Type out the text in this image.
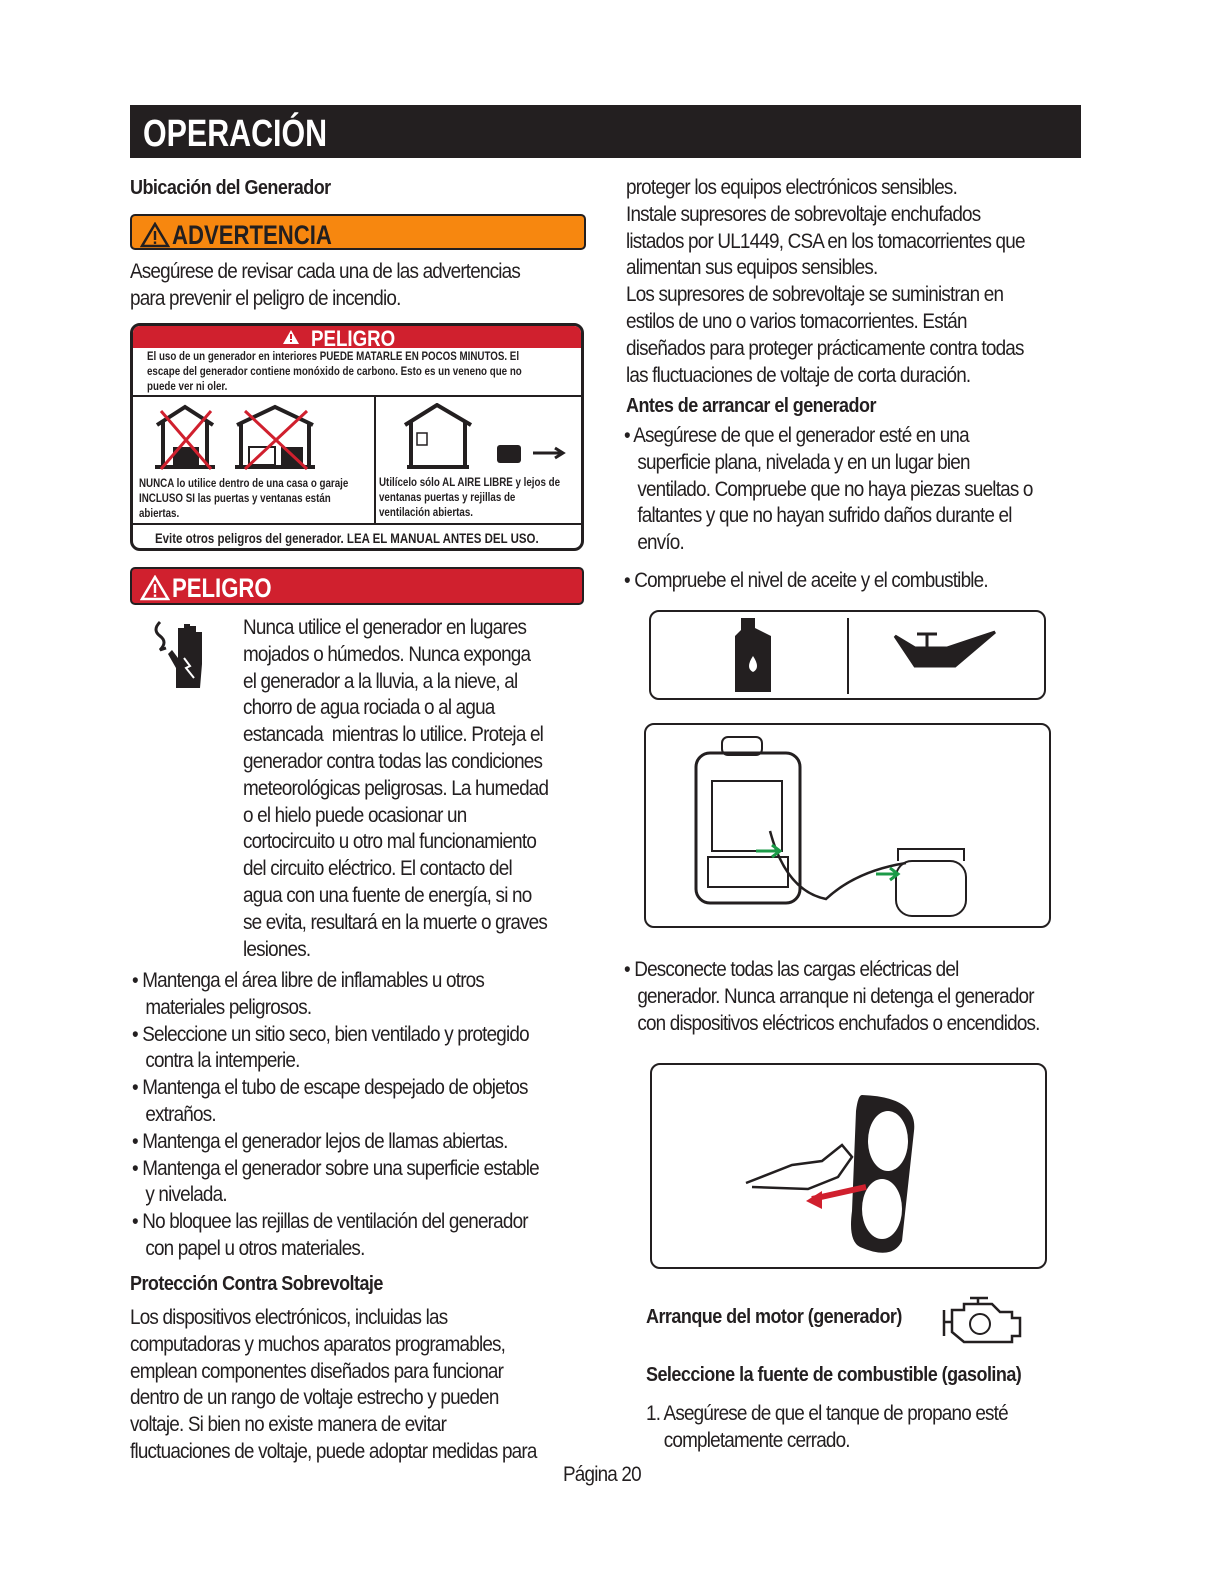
OPERACIÓN
Ubicación del Generador
ADVERTENCIA
Asegúrese de revisar cada una de las advertencias
para prevenir el peligro de incendio.
PELIGRO
El uso de un generador en interiores PUEDE MATARLE EN POCOS MINUTOS. El
escape del generador contiene monóxido de carbono. Esto es un veneno que no
puede ver ni oler.
NUNCA lo utilice dentro de una casa o garaje
INCLUSO SI las puertas y ventanas están
abiertas.
Utilícelo sólo AL AIRE LIBRE y lejos de
ventanas puertas y rejillas de
ventilación abiertas.
Evite otros peligros del generador. LEA EL MANUAL ANTES DEL USO.
PELIGRO
Nunca utilice el generador en lugares
mojados o húmedos. Nunca exponga
el generador a la lluvia, a la nieve, al
chorro de agua rociada o al agua
estancada  mientras lo utilice. Proteja el
generador contra todas las condiciones
meteorológicas peligrosas. La humedad
o el hielo puede ocasionar un
cortocircuito u otro mal funcionamiento
del circuito eléctrico. El contacto del
agua con una fuente de energía, si no
se evita, resultará en la muerte o graves
lesiones.
• Mantenga el área libre de inflamables u otros
materiales peligrosos.
• Seleccione un sitio seco, bien ventilado y protegido
contra la intemperie.
• Mantenga el tubo de escape despejado de objetos
extraños.
• Mantenga el generador lejos de llamas abiertas.
• Mantenga el generador sobre una superficie estable
y nivelada.
• No bloquee las rejillas de ventilación del generador
con papel u otros materiales.
Protección Contra Sobrevoltaje
Los dispositivos electrónicos, incluidas las
computadoras y muchos aparatos programables,
emplean componentes diseñados para funcionar
dentro de un rango de voltaje estrecho y pueden
voltaje. Si bien no existe manera de evitar
fluctuaciones de voltaje, puede adoptar medidas para
proteger los equipos electrónicos sensibles.
Instale supresores de sobrevoltaje enchufados
listados por UL1449, CSA en los tomacorrientes que
alimentan sus equipos sensibles.
Los supresores de sobrevoltaje se suministran en
estilos de uno o varios tomacorrientes. Están
diseñados para proteger prácticamente contra todas
las fluctuaciones de voltaje de corta duración.
Antes de arrancar el generador
• Asegúrese de que el generador esté en una
superficie plana, nivelada y en un lugar bien
ventilado. Compruebe que no haya piezas sueltas o
faltantes y que no hayan sufrido daños durante el
envío.
• Compruebe el nivel de aceite y el combustible.
• Desconecte todas las cargas eléctricas del
generador. Nunca arranque ni detenga el generador
con dispositivos eléctricos enchufados o encendidos.
Arranque del motor (generador)
Seleccione la fuente de combustible (gasolina)
1. Asegúrese de que el tanque de propano esté
completamente cerrado.
Página 20
